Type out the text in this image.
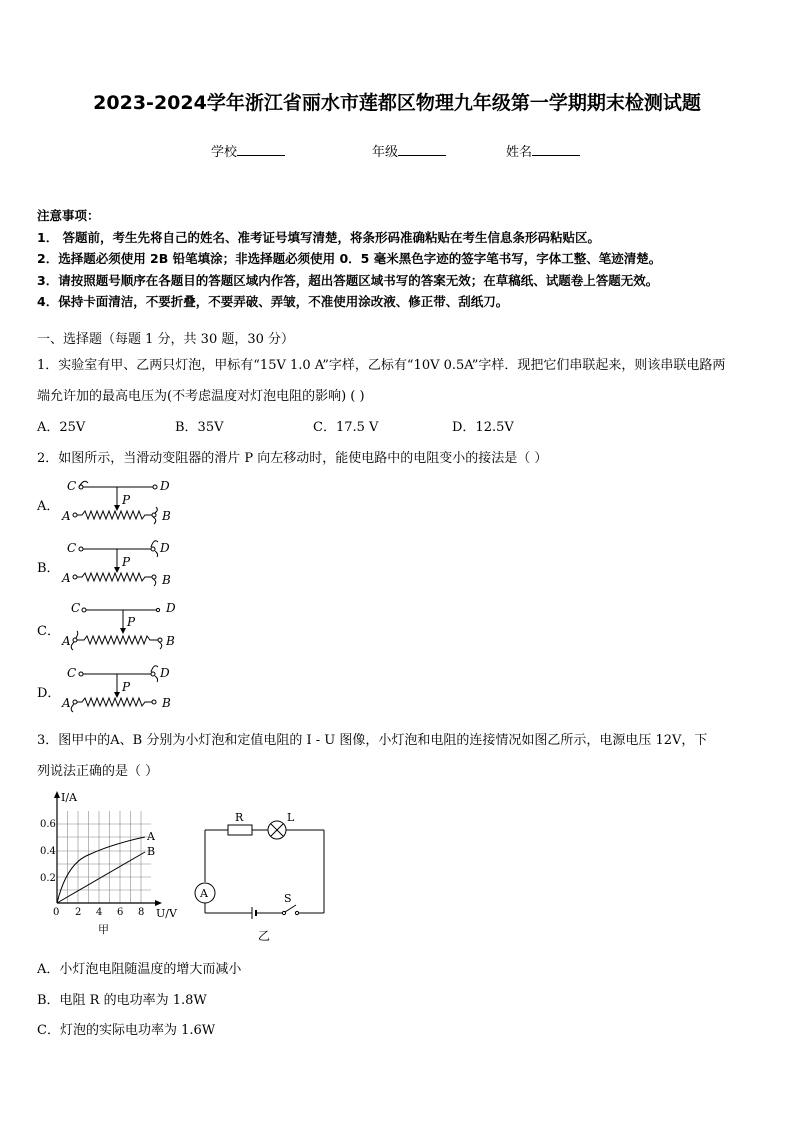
2023-2024学年浙江省丽水市莲都区物理九年级第一学期期末检测试题
学校	年级	姓名
注意事项：
1． 答题前，考生先将自己的姓名、准考证号填写清楚，将条形码准确粘贴在考生信息条形码粘贴区。
2．选择题必须使用 2B 铅笔填涂；非选择题必须使用 0．5 毫米黑色字迹的签字笔书写，字体工整、笔迹清楚。
3．请按照题号顺序在各题目的答题区域内作答，超出答题区域书写的答案无效；在草稿纸、试题卷上答题无效。
4．保持卡面清洁，不要折叠，不要弄破、弄皱，不准使用涂改液、修正带、刮纸刀。
一、选择题（每题 1 分，共 30 题，30 分）
1．实验室有甲、乙两只灯泡，甲标有“15V 1.0 A”字样，乙标有“10V 0.5A”字样．现把它们串联起来，则该串联电路两
端允许加的最高电压为(不考虑温度对灯泡电阻的影响) ( )
A．25V	B．35V	C．17.5 V	D．12.5V
2．如图所示，当滑动变阻器的滑片 P 向左移动时，能使电路中的电阻变小的接法是（ ）
A．
C	D
P
A	B
B．
C	D
P
A	B
C．
C	D
P
A	B
D．
C	D
P
A	B
3．图甲中的A、B 分别为小灯泡和定值电阻的 I - U 图像，小灯泡和电阻的连接情况如图乙所示，电源电压 12V，下
列说法正确的是（ ）
I/A
U/V
0.6
0.4
0.2
0 2 4 6 8
A
B
甲
R	L
A	S
乙
A．小灯泡电阻随温度的增大而减小
B．电阻 R 的电功率为 1.8W
C．灯泡的实际电功率为 1.6W
